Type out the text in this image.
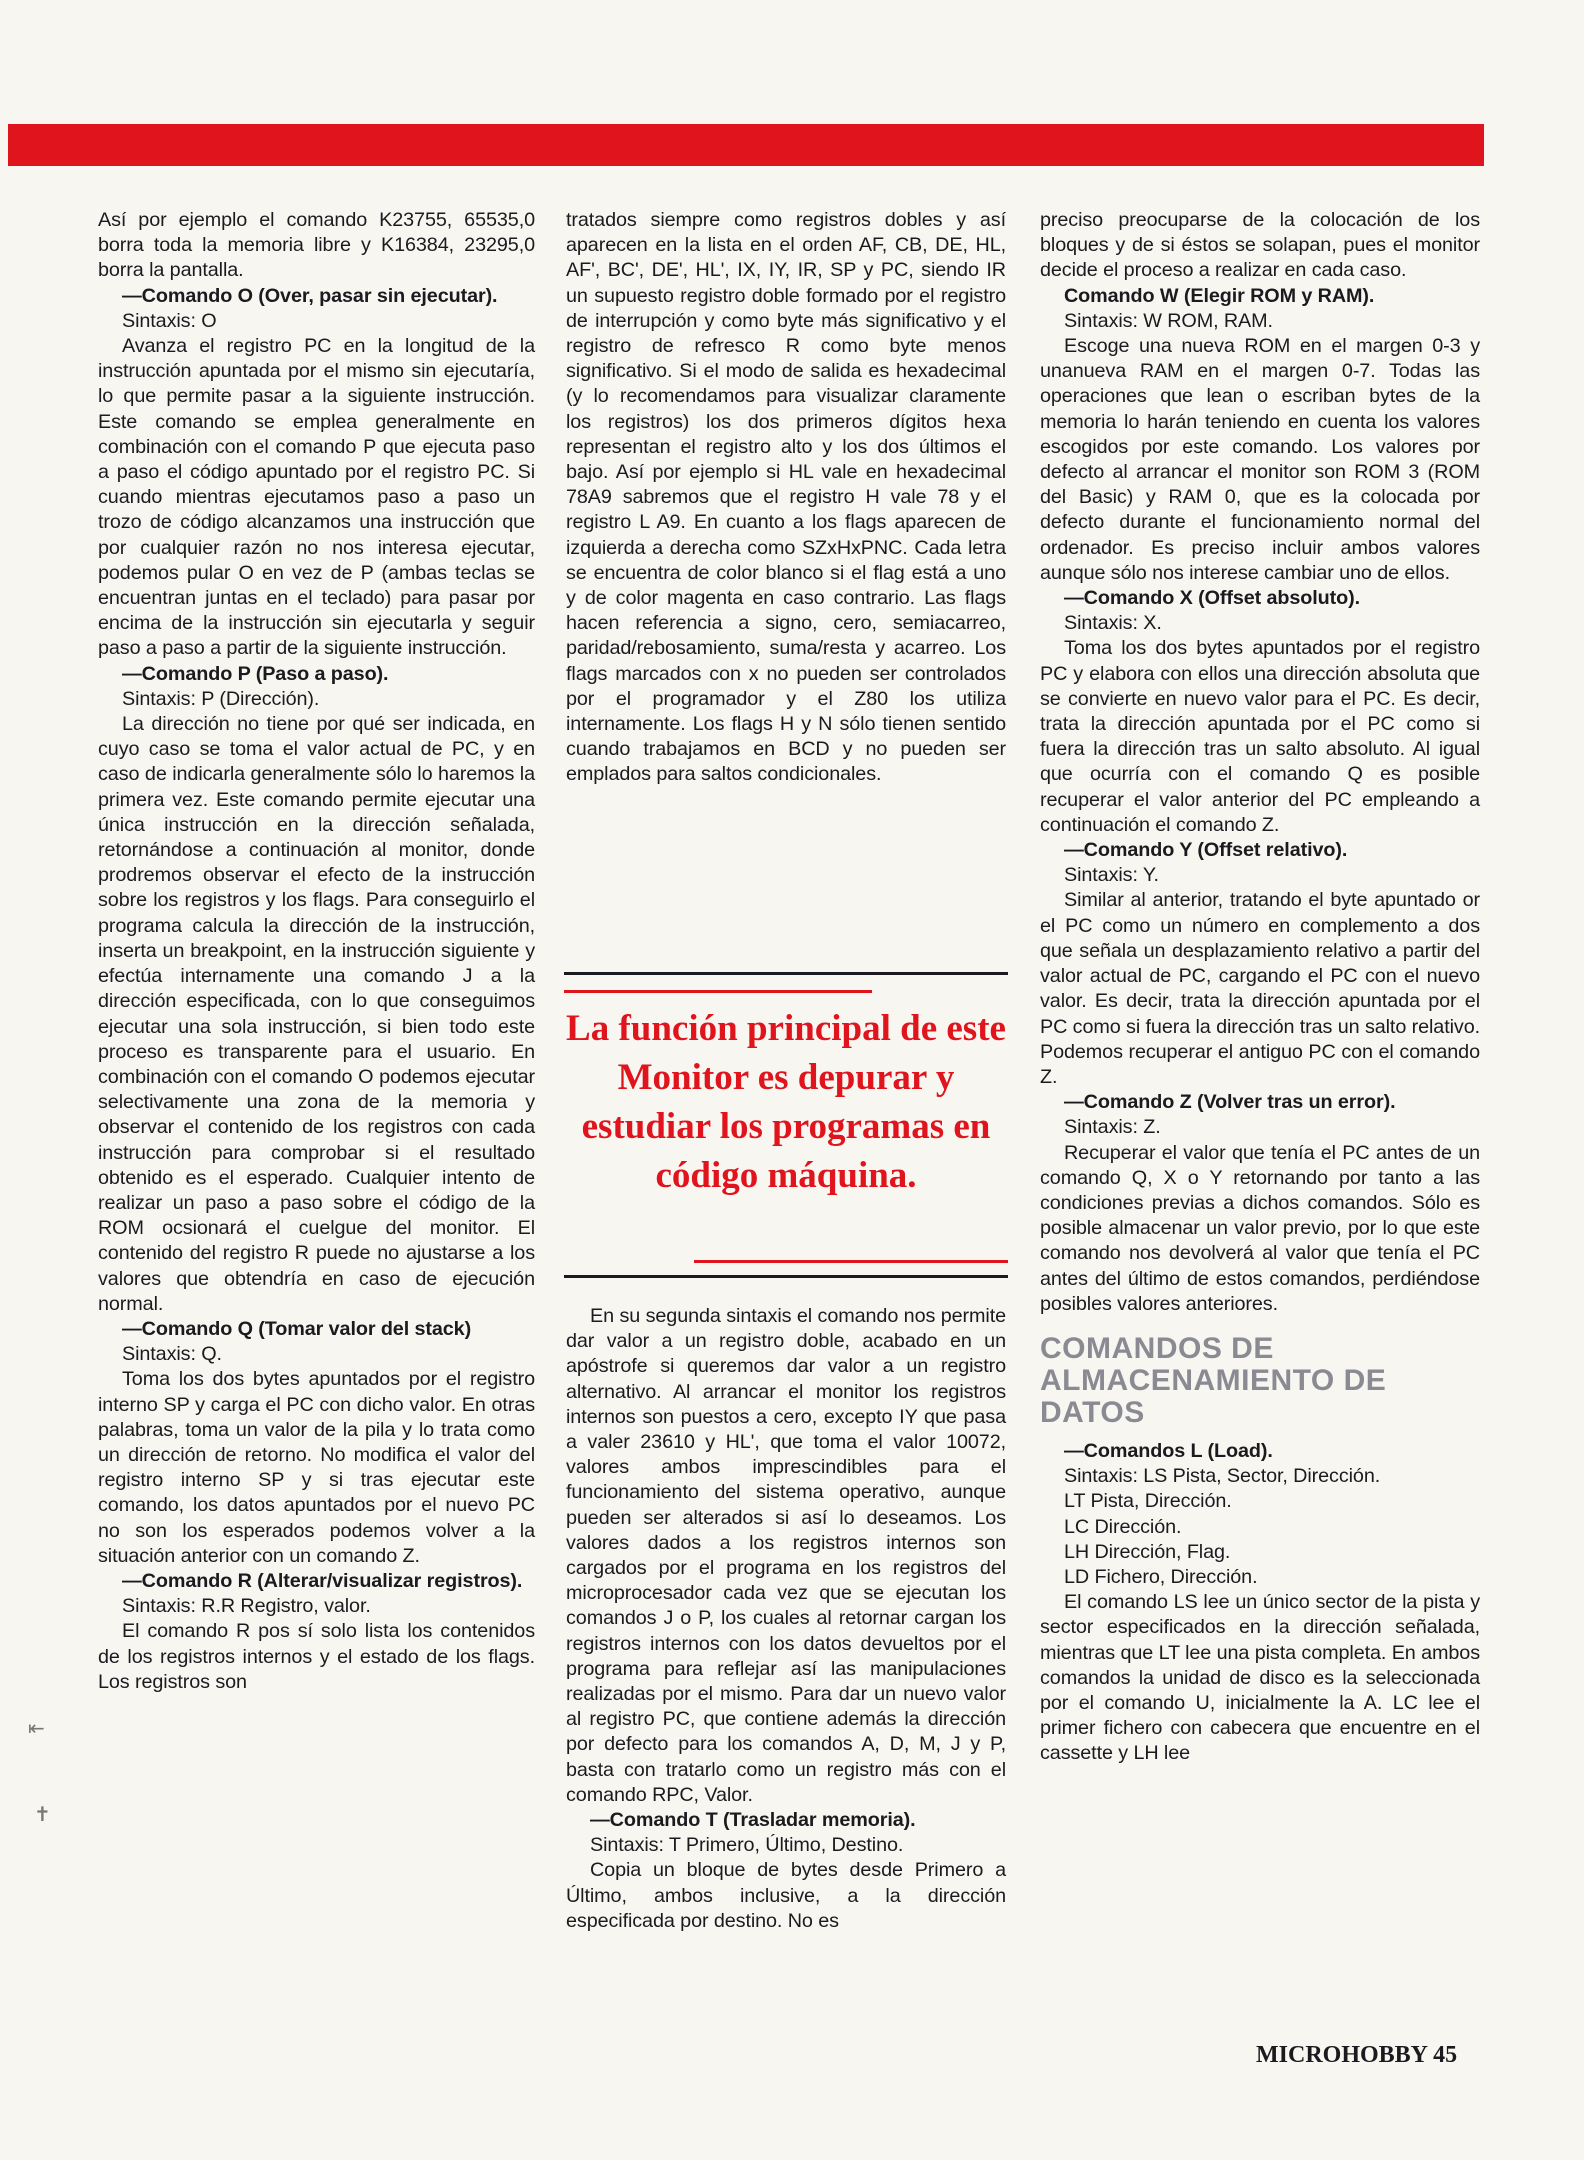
Así por ejemplo el comando K23755, 65535,0 borra toda la memoria libre y K16384, 23295,0 borra la pantalla.

—Comando O (Over, pasar sin ejecutar).

Sintaxis: O

Avanza el registro PC en la longitud de la instrucción apuntada por el mismo sin ejecutaría, lo que permite pasar a la siguiente instrucción. Este comando se emplea generalmente en combinación con el comando P que ejecuta paso a paso el código apuntado por el registro PC. Si cuando mientras ejecutamos paso a paso un trozo de código alcanzamos una instrucción que por cualquier razón no nos interesa ejecutar, podemos pular O en vez de P (ambas teclas se encuentran juntas en el teclado) para pasar por encima de la instrucción sin ejecutarla y seguir paso a paso a partir de la siguiente instrucción.

—Comando P (Paso a paso).

Sintaxis: P (Dirección).

La dirección no tiene por qué ser indicada, en cuyo caso se toma el valor actual de PC, y en caso de indicarla generalmente sólo lo haremos la primera vez. Este comando permite ejecutar una única instrucción en la dirección señalada, retornándose a continuación al monitor, donde prodremos observar el efecto de la instrucción sobre los registros y los flags. Para conseguirlo el programa calcula la dirección de la instrucción, inserta un breakpoint, en la instrucción siguiente y efectúa internamente una comando J a la dirección especificada, con lo que conseguimos ejecutar una sola instrucción, si bien todo este proceso es transparente para el usuario. En combinación con el comando O podemos ejecutar selectivamente una zona de la memoria y observar el contenido de los registros con cada instrucción para comprobar si el resultado obtenido es el esperado. Cualquier intento de realizar un paso a paso sobre el código de la ROM ocsionará el cuelgue del monitor. El contenido del registro R puede no ajustarse a los valores que obtendría en caso de ejecución normal.

—Comando Q (Tomar valor del stack)

Sintaxis: Q.

Toma los dos bytes apuntados por el registro interno SP y carga el PC con dicho valor. En otras palabras, toma un valor de la pila y lo trata como un dirección de retorno. No modifica el valor del registro interno SP y si tras ejecutar este comando, los datos apuntados por el nuevo PC no son los esperados podemos volver a la situación anterior con un comando Z.

—Comando R (Alterar/visualizar registros).

Sintaxis: R.R Registro, valor.

El comando R pos sí solo lista los contenidos de los registros internos y el estado de los flags. Los registros son

tratados siempre como registros dobles y así aparecen en la lista en el orden AF, CB, DE, HL, AF', BC', DE', HL', IX, IY, IR, SP y PC, siendo IR un supuesto registro doble formado por el registro de interrupción y como byte más significativo y el registro de refresco R como byte menos significativo. Si el modo de salida es hexadecimal (y lo recomendamos para visualizar claramente los registros) los dos primeros dígitos hexa representan el registro alto y los dos últimos el bajo. Así por ejemplo si HL vale en hexadecimal 78A9 sabremos que el registro H vale 78 y el registro L A9. En cuanto a los flags aparecen de izquierda a derecha como SZxHxPNC. Cada letra se encuentra de color blanco si el flag está a uno y de color magenta en caso contrario. Las flags hacen referencia a signo, cero, semiacarreo, paridad/rebosamiento, suma/resta y acarreo. Los flags marcados con x no pueden ser controlados por el programador y el Z80 los utiliza internamente. Los flags H y N sólo tienen sentido cuando trabajamos en BCD y no pueden ser emplados para saltos condicionales.

La función principal de este Monitor es depurar y estudiar los programas en código máquina.

En su segunda sintaxis el comando nos permite dar valor a un registro doble, acabado en un apóstrofe si queremos dar valor a un registro alternativo. Al arrancar el monitor los registros internos son puestos a cero, excepto IY que pasa a valer 23610 y HL', que toma el valor 10072, valores ambos imprescindibles para el funcionamiento del sistema operativo, aunque pueden ser alterados si así lo deseamos. Los valores dados a los registros internos son cargados por el programa en los registros del microprocesador cada vez que se ejecutan los comandos J o P, los cuales al retornar cargan los registros internos con los datos devueltos por el programa para reflejar así las manipulaciones realizadas por el mismo. Para dar un nuevo valor al registro PC, que contiene además la dirección por defecto para los comandos A, D, M, J y P, basta con tratarlo como un registro más con el comando RPC, Valor.

—Comando T (Trasladar memoria).

Sintaxis: T Primero, Último, Destino.

Copia un bloque de bytes desde Primero a Último, ambos inclusive, a la dirección especificada por destino. No es

preciso preocuparse de la colocación de los bloques y de si éstos se solapan, pues el monitor decide el proceso a realizar en cada caso.

Comando W (Elegir ROM y RAM).

Sintaxis: W ROM, RAM.

Escoge una nueva ROM en el margen 0-3 y unanueva RAM en el margen 0-7. Todas las operaciones que lean o escriban bytes de la memoria lo harán teniendo en cuenta los valores escogidos por este comando. Los valores por defecto al arrancar el monitor son ROM 3 (ROM del Basic) y RAM 0, que es la colocada por defecto durante el funcionamiento normal del ordenador. Es preciso incluir ambos valores aunque sólo nos interese cambiar uno de ellos.

—Comando X (Offset absoluto).

Sintaxis: X.

Toma los dos bytes apuntados por el registro PC y elabora con ellos una dirección absoluta que se convierte en nuevo valor para el PC. Es decir, trata la dirección apuntada por el PC como si fuera la dirección tras un salto absoluto. Al igual que ocurría con el comando Q es posible recuperar el valor anterior del PC empleando a continuación el comando Z.

—Comando Y (Offset relativo).

Sintaxis: Y.

Similar al anterior, tratando el byte apuntado or el PC como un número en complemento a dos que señala un desplazamiento relativo a partir del valor actual de PC, cargando el PC con el nuevo valor. Es decir, trata la dirección apuntada por el PC como si fuera la dirección tras un salto relativo. Podemos recuperar el antiguo PC con el comando Z.

—Comando Z (Volver tras un error).

Sintaxis: Z.

Recuperar el valor que tenía el PC antes de un comando Q, X o Y retornando por tanto a las condiciones previas a dichos comandos. Sólo es posible almacenar un valor previo, por lo que este comando nos devolverá al valor que tenía el PC antes del último de estos comandos, perdiéndose posibles valores anteriores.

COMANDOS DE ALMACENAMIENTO DE DATOS

—Comandos L (Load).

Sintaxis: LS Pista, Sector, Dirección.

LT Pista, Dirección.

LC Dirección.

LH Dirección, Flag.

LD Fichero, Dirección.

El comando LS lee un único sector de la pista y sector especificados en la dirección señalada, mientras que LT lee una pista completa. En ambos comandos la unidad de disco es la seleccionada por el comando U, inicialmente la A. LC lee el primer fichero con cabecera que encuentre en el cassette y LH lee

MICROHOBBY 45
⇤
✝
